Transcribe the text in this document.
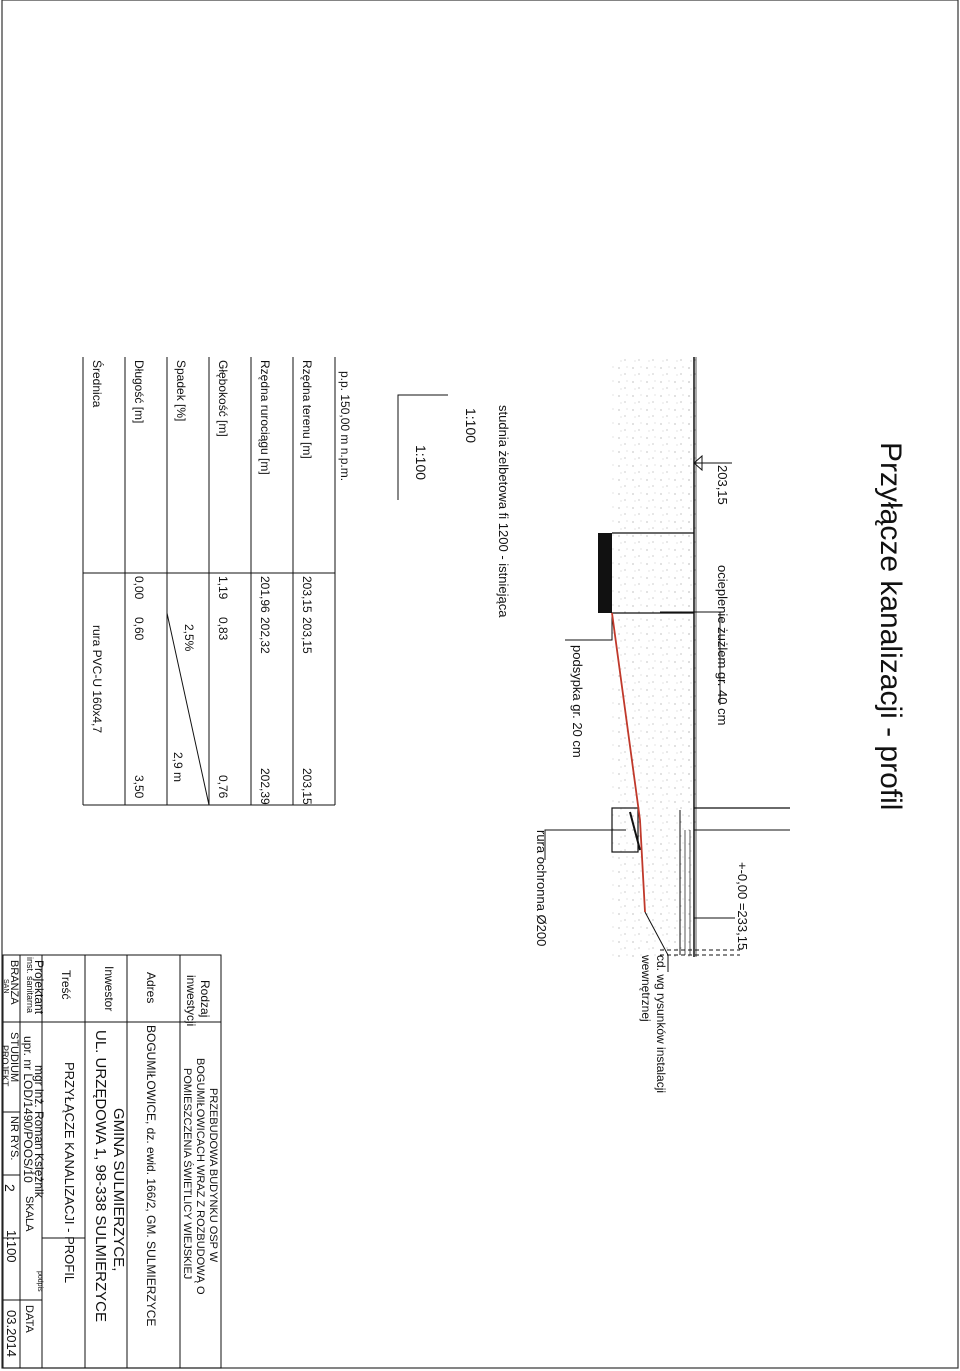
Przyłącze kanalizacji - profil
203,15
ocieplenie żużlem gr. 40 cm
podsypka gr. 20 cm
rura ochronna Ø200	+-0,00 =233,15
cd. wg rysunków instalacji
wewnętrznej
studnia żelbetowa fi 1200 - istniejąca
1:100
1:100
p.p. 150,00 m n.p.m.
Rzędna terenu [m]
Rzędna rurociągu [m]
Głębokość [m]
Spadek [%]
Długość [m]
Średnica
203,15
203,15
203,15
201,96
202,32
202,39
1,19
0,83
0,76
2,5%
2,9 m
0,00
0,60
3,50
rura PVC-U 160x4,7
Rodzaj
inwestycji
PRZEBUDOWA BUDYNKU OSP W
BOGUMIŁOWICACH WRAZ Z ROZBUDOWĄ O
POMIESZCZENIA ŚWIETLICY WIEJSKIEJ
Adres
BOGUMIŁOWICE, dz. ewid. 166/2, GM. SULMIERZYCE
Inwestor
GMINA SULMIERZYCE,
UL. URZĘDOWA 1, 98-338 SULMIERZYCE
Treść
PRZYŁĄCZE KANALIZACJI - PROFIL
Projektant
mgr inż. Roman Księżnik
podpis
inst. sanitarna
upr. nr LOD/1490/POOS/10
BRANŻA
SAN
STUDIUM
PROJEKT
NR RYS.
2
SKALA
1:100
DATA
03.2014
